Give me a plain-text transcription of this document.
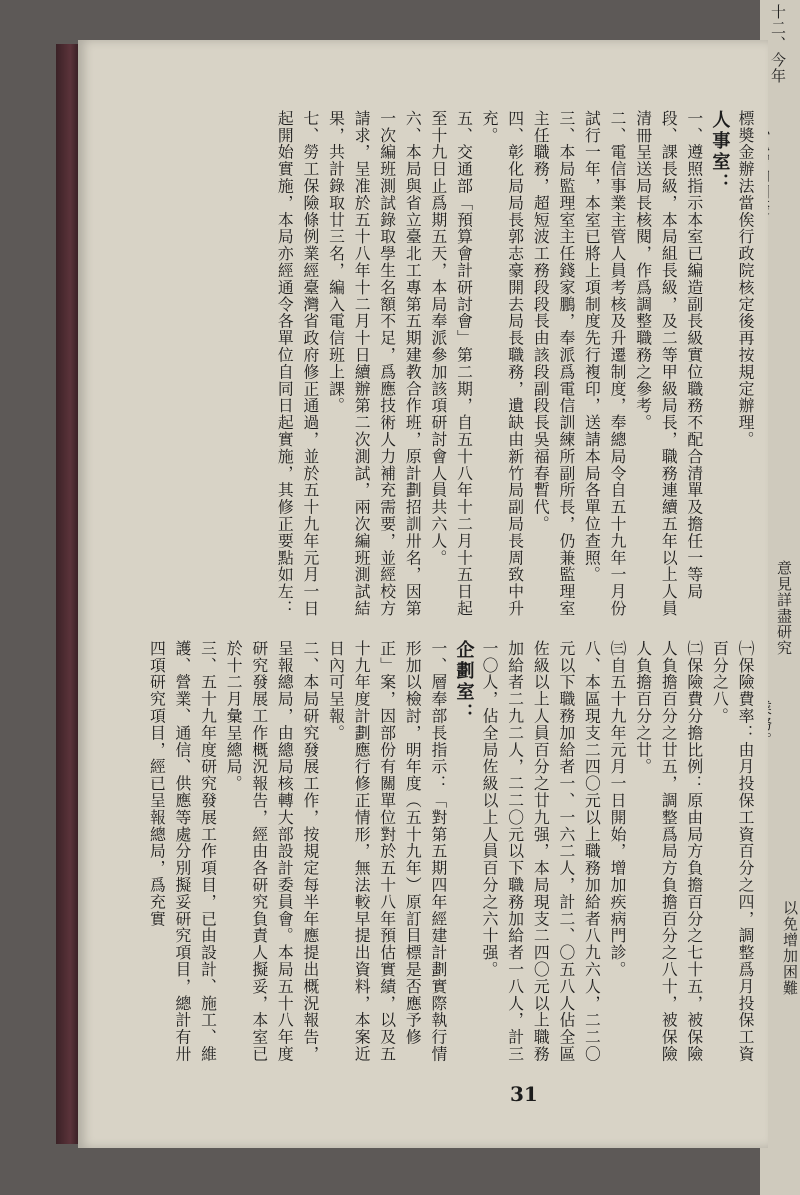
十二、今年
意見詳盡研究
以免增加困難

標奬金辦法當俟行政院核定後再按規定辦理。

人事室：

一、遵照指示本室已編造副長級實位職務不配合清單及擔任一等局段、課長級，本局組長級，及二等甲級局長，職務連續五年以上人員清冊呈送局長核閱，作爲調整職務之參考。

二、電信事業主管人員考核及升遷制度，奉總局令自五十九年一月份試行一年，本室已將上項制度先行複印，送請本局各單位查照。

三、本局監理室主任錢家鵬，奉派爲電信訓練所副所長，仍兼監理室主任職務，超短波工務段段長由該段副段長吳福春暫代。

四、彰化局局長郭志豪開去局長職務，遺缺由新竹局副局長周致中升充。

五、交通部「預算會計研討會」第二期，自五十八年十二月十五日起至十九日止爲期五天，本局奉派參加該項研討會人員共六人。

六、本局與省立臺北工專第五期建教合作班，原計劃招訓卅名，因第一次編班測試錄取學生名額不足，爲應技術人力補充需要，並經校方請求，呈准於五十八年十二月十日續辦第二次測試，兩次編班測試結果，共計錄取廿三名，編入電信班上課。

七、勞工保險條例業經臺灣省政府修正通過，並於五十九年元月一日起開始實施，本局亦經通令各單位自同日起實施，其修正要點如左：

㈠保險費率：由月投保工資百分之四，調整爲月投保工資百分之八。

㈡保險費分擔比例：原由局方負擔百分之七十五，被保險人負擔百分之廿五，調整爲局方負擔百分之八十，被保險人負擔百分之廿。

㈢自五十九年元月一日開始，增加疾病門診。

八、本區現支二四〇元以上職務加給者八九六人，二二〇元以下職務加給者一、一六二人，計二、〇五八人佔全區佐級以上人員百分之廿九强，本局現支二四〇元以上職務加給者二九二人，二二〇元以下職務加給者一八人，計三一〇人，佔全局佐級以上人員百分之六十强。

企劃室：

一、層奉部長指示：「對第五期四年經建計劃實際執行情形加以檢討，明年度（五十九年）原訂目標是否應予修正」案，因部份有關單位對於五十八年預估實績，以及五十九年度計劃應行修正情形，無法較早提出資料，本案近日內可呈報。

二、本局研究發展工作，按規定每半年應提出概況報告，呈報總局，由總局核轉大部設計委員會。本局五十八年度研究發展工作概況報告，經由各研究負責人擬妥，本室已於十二月彙呈總局。

三、五十九年度研究發展工作項目，已由設計、施工、維護、營業、通信、供應等處分別擬妥研究項目，總計有卅四項研究項目，經已呈報總局，爲充實

31
